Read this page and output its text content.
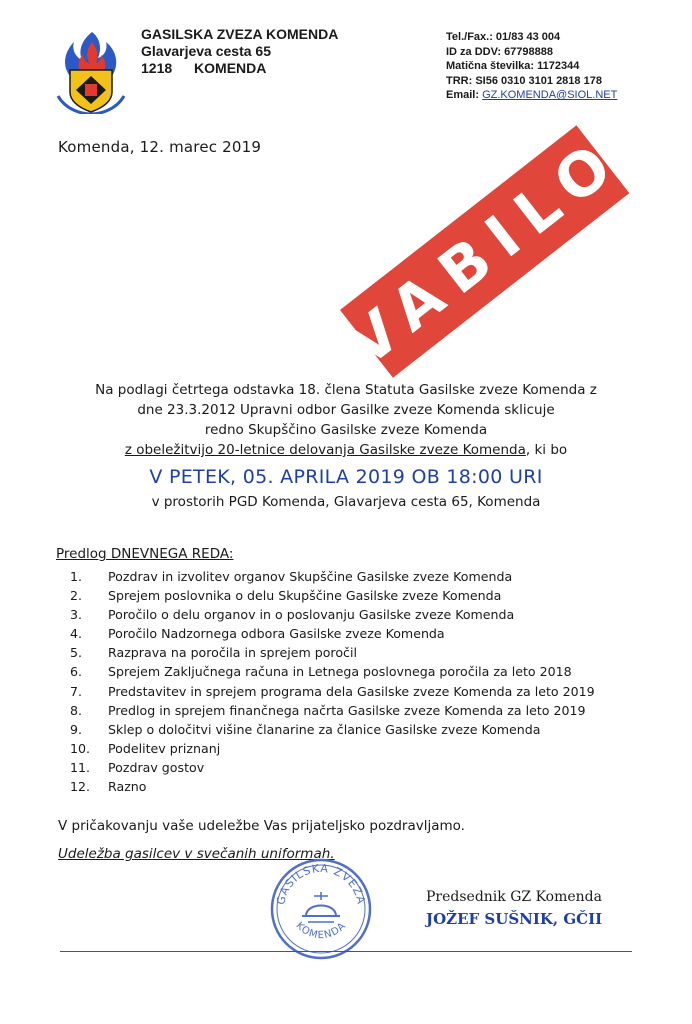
GASILSKA ZVEZA KOMENDA
Glavarjeva cesta 65
1218 KOMENDA
Tel./Fax.: 01/83 43 004
ID za DDV: 67798888
Matična številka: 1172344
TRR: SI56 0310 3101 2818 178
Email: GZ.KOMENDA@SIOL.NET
Komenda, 12. marec 2019 VABILO
Na podlagi četrtega odstavka 18. člena Statuta Gasilske zveze Komenda z
dne 23.3.2012 Upravni odbor Gasilke zveze Komenda sklicuje
redno Skupščino Gasilske zveze Komenda
z obeležitvijo 20-letnice delovanja Gasilske zveze Komenda, ki bo
V PETEK, 05. APRILA 2019 OB 18:00 URI
v prostorih PGD Komenda, Glavarjeva cesta 65, Komenda
Predlog DNEVNEGA REDA:
1.	Pozdrav in izvolitev organov Skupščine Gasilske zveze Komenda
2.	Sprejem poslovnika o delu Skupščine Gasilske zveze Komenda
3.	Poročilo o delu organov in o poslovanju Gasilske zveze Komenda
4.	Poročilo Nadzornega odbora Gasilske zveze Komenda
5.	Razprava na poročila in sprejem poročil
6.	Sprejem Zaključnega računa in Letnega poslovnega poročila za leto 2018
7.	Predstavitev in sprejem programa dela Gasilske zveze Komenda za leto 2019
8.	Predlog in sprejem finančnega načrta Gasilske zveze Komenda za leto 2019
9.	Sklep o določitvi višine članarine za članice Gasilske zveze Komenda
10.	Podelitev priznanj
11.	Pozdrav gostov
12.	Razno
V pričakovanju vaše udeležbe Vas prijateljsko pozdravljamo.
Udeležba gasilcev v svečanih uniformah.
GASILSKA ZVEZA
KOMENDA
Predsednik GZ Komenda
JOŽEF SUŠNIK, GČII
